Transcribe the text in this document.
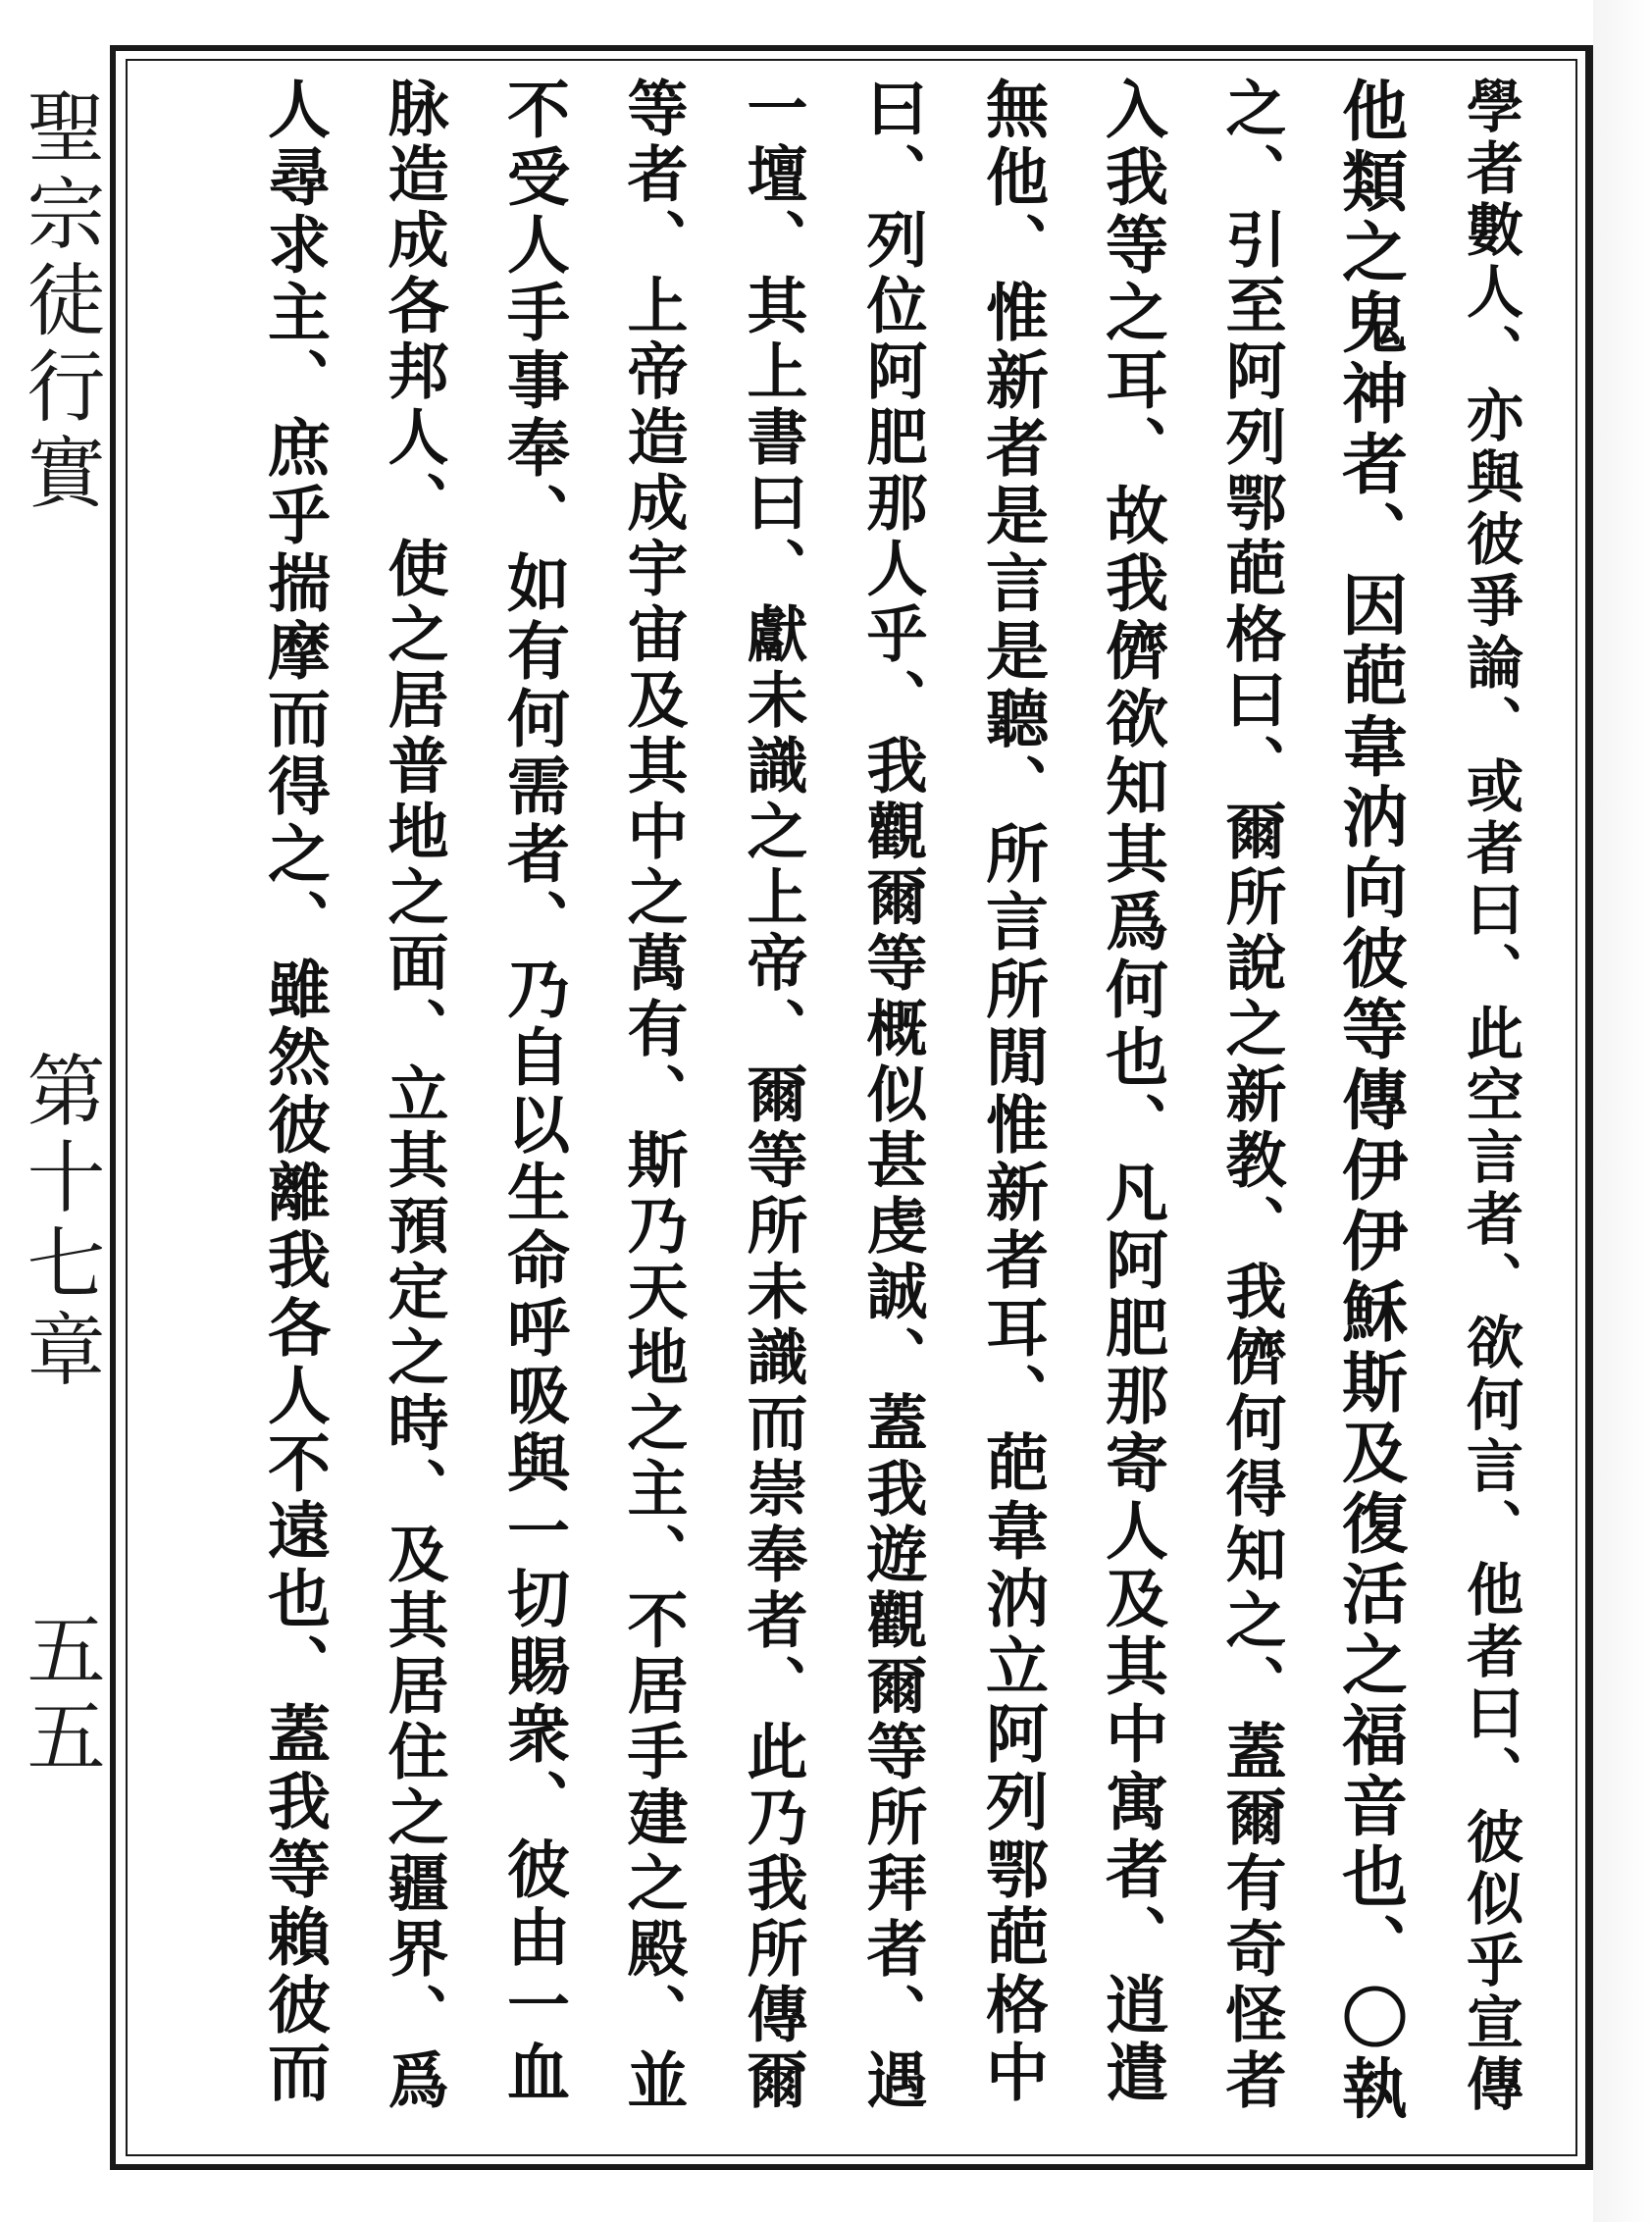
聖宗徒行實
第十七章
五五	學者數人、亦與彼爭論、或者曰、此空言者、欲何言、他者曰、彼似乎宣傳
他類之鬼神者、因葩韋汭向彼等傳伊伊穌斯及復活之福音也、〇執
之、引至阿列鄂葩格曰、爾所說之新教、我儕何得知之、蓋爾有奇怪者
入我等之耳、故我儕欲知其爲何也、凡阿肥那寄人及其中寓者、逍遣
無他、惟新者是言是聽、所言所閒惟新者耳、葩韋汭立阿列鄂葩格中
曰、列位阿肥那人乎、我觀爾等概似甚虔誠、蓋我遊觀爾等所拜者、遇
一壇、其上書曰、獻未識之上帝、爾等所未識而崇奉者、此乃我所傳爾
等者、上帝造成宇宙及其中之萬有、斯乃天地之主、不居手建之殿、並
不受人手事奉、如有何需者、乃自以生命呼吸與一切賜衆、彼由一血
脉造成各邦人、使之居普地之面、立其預定之時、及其居住之疆界、爲
人尋求主、庶乎揣摩而得之、雖然彼離我各人不遠也、蓋我等賴彼而
